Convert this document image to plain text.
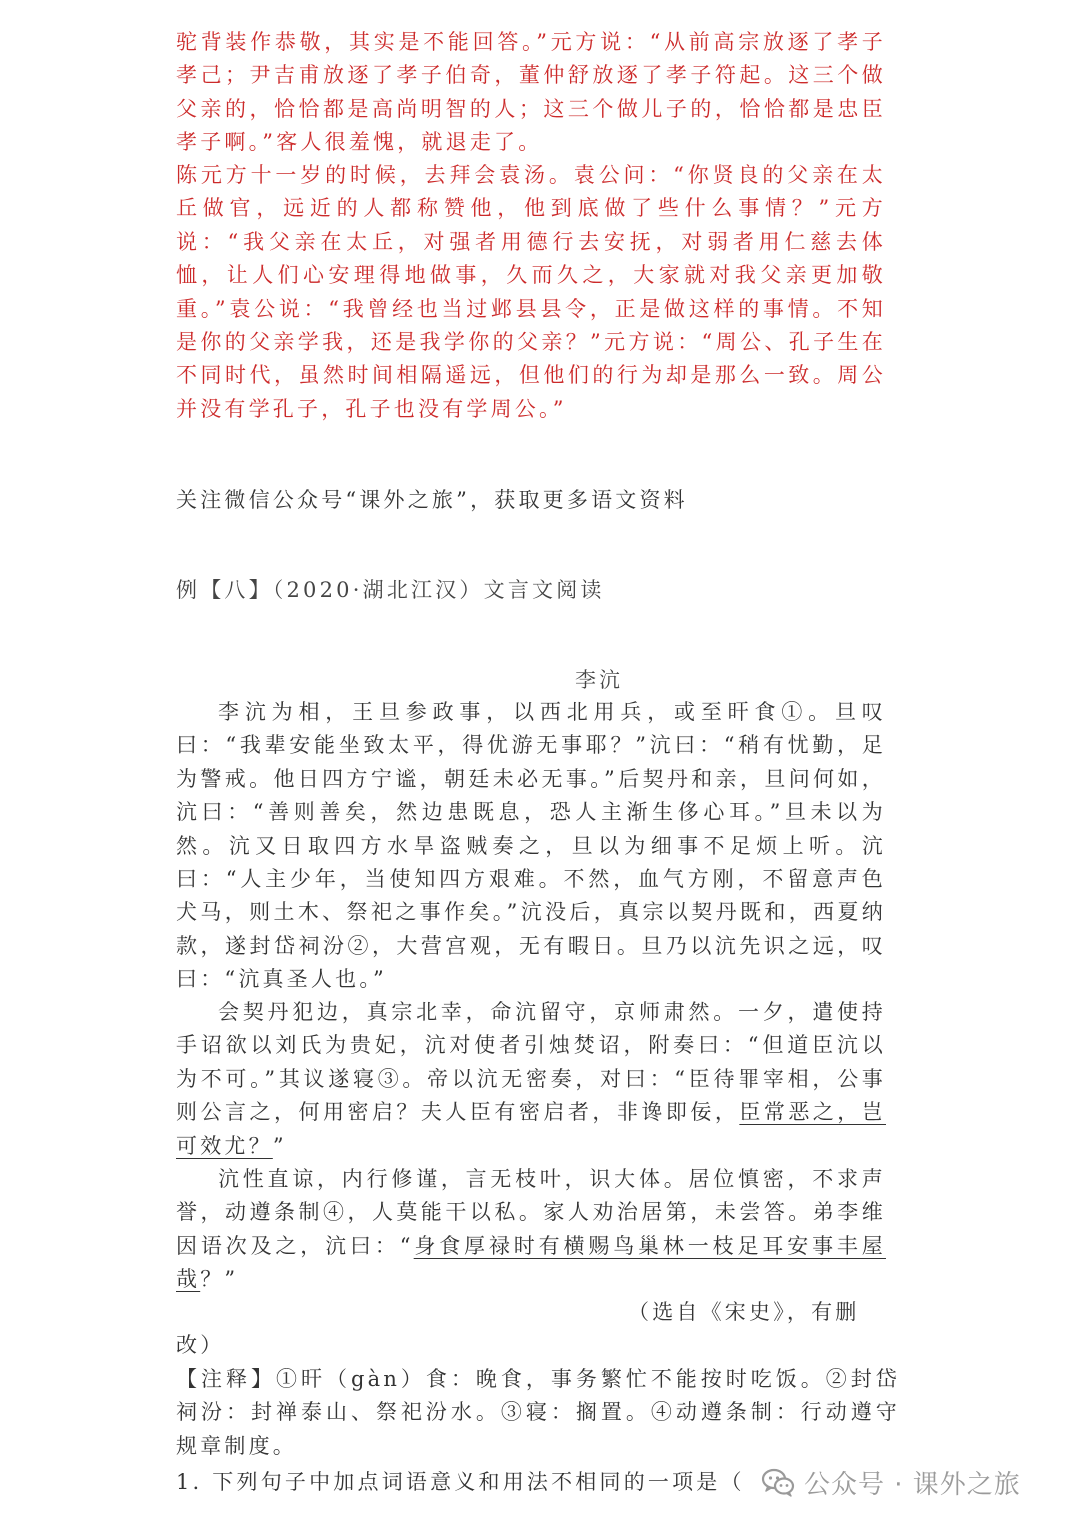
驼背装作恭敬，其实是不能回答。”元方说：“从前高宗放逐了孝子孝己；尹吉甫放逐了孝子伯奇，董仲舒放逐了孝子符起。这三个做父亲的，恰恰都是高尚明智的人；这三个做儿子的，恰恰都是忠臣孝子啊。”客人很羞愧，就退走了。

陈元方十一岁的时候，去拜会袁汤。袁公问：“你贤良的父亲在太丘做官，远近的人都称赞他，他到底做了些什么事情？”元方说：“我父亲在太丘，对强者用德行去安抚，对弱者用仁慈去体恤，让人们心安理得地做事，久而久之，大家就对我父亲更加敬重。”袁公说：“我曾经也当过邺县县令，正是做这样的事情。不知是你的父亲学我，还是我学你的父亲？”元方说：“周公、孔子生在不同时代，虽然时间相隔遥远，但他们的行为却是那么一致。周公并没有学孔子，孔子也没有学周公。”

关注微信公众号“课外之旅”，获取更多语文资料

例【八】（2020·湖北江汉）文言文阅读

李沆

李沆为相，王旦参政事，以西北用兵，或至旰食①。旦叹曰：“我辈安能坐致太平，得优游无事耶？”沆曰：“稍有忧勤，足为警戒。他日四方宁谧，朝廷未必无事。”后契丹和亲，旦问何如，沆曰：“善则善矣，然边患既息，恐人主渐生侈心耳。”旦未以为然。沆又日取四方水旱盗贼奏之，旦以为细事不足烦上听。沆曰：“人主少年，当使知四方艰难。不然，血气方刚，不留意声色犬马，则土木、祭祀之事作矣。”沆没后，真宗以契丹既和，西夏纳款，遂封岱祠汾②，大营宫观，无有暇日。旦乃以沆先识之远，叹曰：“沆真圣人也。”

会契丹犯边，真宗北幸，命沆留守，京师肃然。一夕，遣使持手诏欲以刘氏为贵妃，沆对使者引烛焚诏，附奏曰：“但道臣沆以为不可。”其议遂寝③。帝以沆无密奏，对曰：“臣待罪宰相，公事则公言之，何用密启？夫人臣有密启者，非谗即佞，臣常恶之，岂可效尤？”

沆性直谅，内行修谨，言无枝叶，识大体。居位慎密，不求声誉，动遵条制④，人莫能干以私。家人劝治居第，未尝答。弟李维因语次及之，沆曰：“身食厚禄时有横赐鸟巢林一枝足耳安事丰屋哉？”

（选自《宋史》，有删改）

【注释】①旰（gàn）食：晚食，事务繁忙不能按时吃饭。②封岱祠汾：封禅泰山、祭祀汾水。③寝：搁置。④动遵条制：行动遵守规章制度。

1. 下列句子中加点词语意义和用法不相同的一项是（ 公众号 · 课外之旅
